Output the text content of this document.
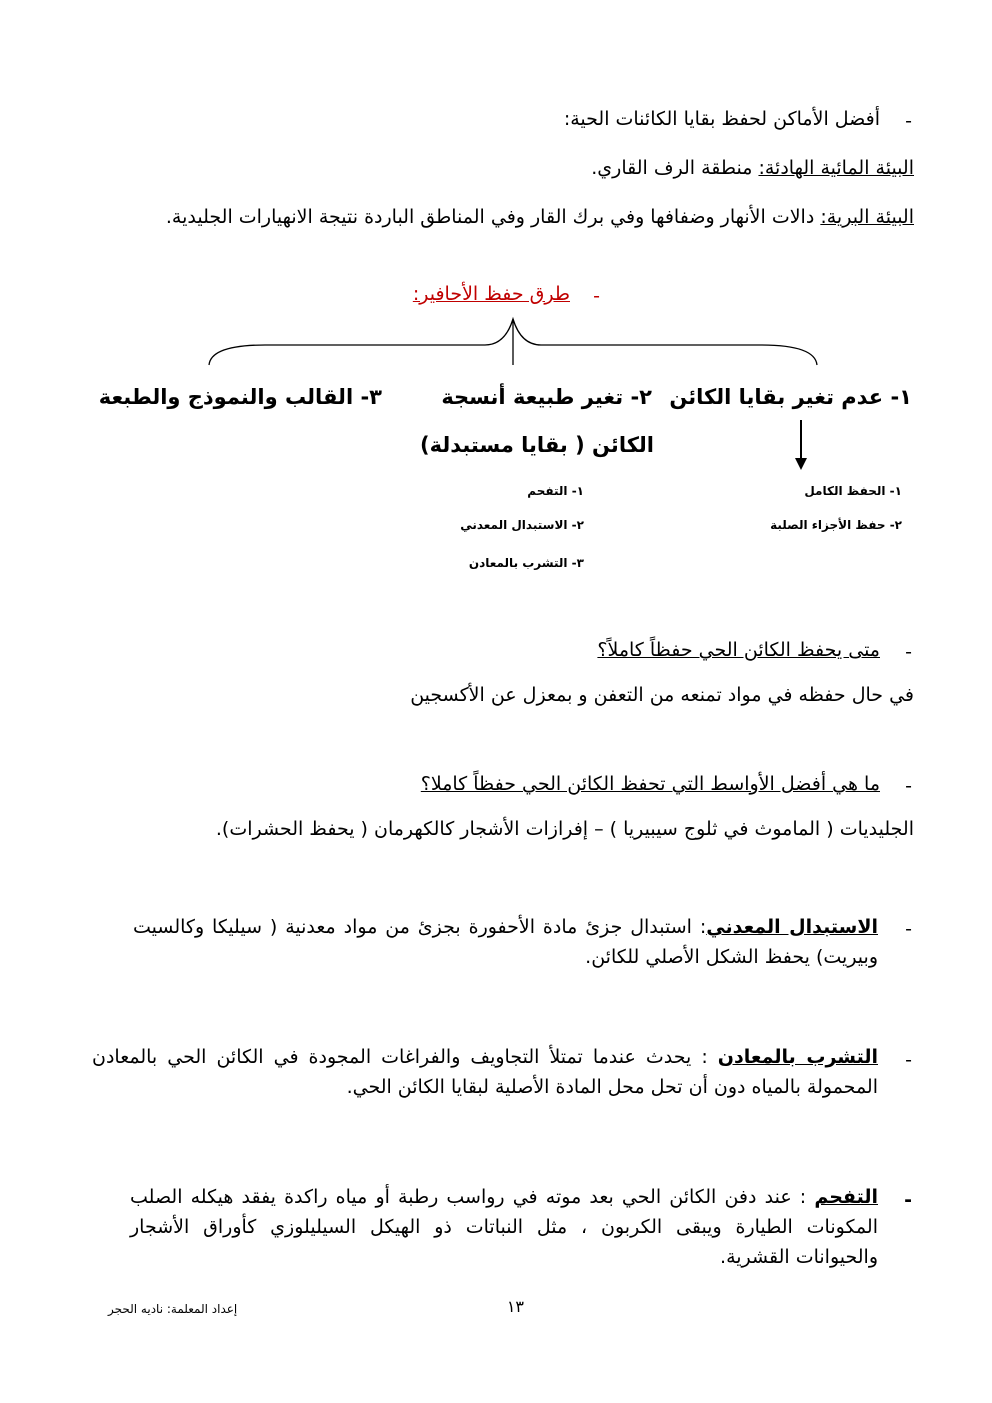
-
أفضل الأماكن لحفظ بقايا الكائنات الحية:
البيئة المائية الهادئة: منطقة الرف القاري.
البيئة البرية: دالات الأنهار وضفافها وفي برك القار وفي المناطق الباردة نتيجة الانهيارات الجليدية.
-
طرق حفظ الأحافير:
١- عدم تغير بقايا الكائن
٢- تغير طبيعة أنسجة
الكائن ( بقايا مستبدلة)
٣- القالب والنموذج والطبعة
١- الحفظ الكامل
٢- حفظ الأجزاء الصلبة
١- التفحم
٢- الاستبدال المعدني
٣- التشرب بالمعادن
-
متى يحفظ الكائن الحي حفظاً كاملاً؟
في حال حفظه في مواد تمنعه من التعفن و بمعزل عن الأكسجين
-
ما هي أفضل الأواسط التي تحفظ الكائن الحي حفظاً كاملا؟
الجليديات ( الماموث في ثلوج سيبيريا ) – إفرازات الأشجار كالكهرمان ( يحفظ الحشرات).
-
الاستبدال المعدني: استبدال جزئ مادة الأحفورة بجزئ من مواد معدنية ( سيليكا وكالسيت وبيريت) يحفظ الشكل الأصلي للكائن.
-
التشرب بالمعادن : يحدث عندما تمتلأ التجاويف والفراغات المجودة في الكائن الحي بالمعادن المحمولة بالمياه دون أن تحل محل المادة الأصلية لبقايا الكائن الحي.
-
التفحم : عند دفن الكائن الحي بعد موته في رواسب رطبة أو مياه راكدة يفقد هيكله الصلب المكونات الطيارة ويبقى الكربون ، مثل النباتات ذو الهيكل السيليلوزي كأوراق الأشجار والحيوانات القشرية.
١٣
إعداد المعلمة: ناديه الحجر
